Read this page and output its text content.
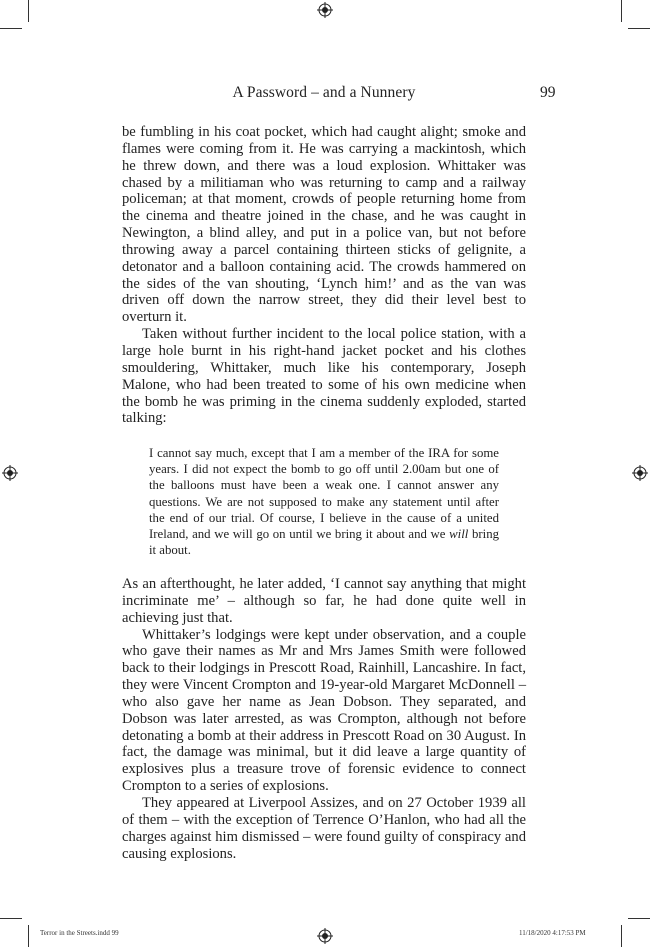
A Password – and a Nunnery	99

be fumbling in his coat pocket, which had caught alight; smoke and flames were coming from it. He was carrying a mackintosh, which he threw down, and there was a loud explosion. Whittaker was chased by a militiaman who was returning to camp and a railway policeman; at that moment, crowds of people returning home from the cinema and theatre joined in the chase, and he was caught in Newington, a blind alley, and put in a police van, but not before throwing away a parcel containing thirteen sticks of gelignite, a detonator and a balloon containing acid. The crowds hammered on the sides of the van shouting, ‘Lynch him!’ and as the van was driven off down the narrow street, they did their level best to overturn it.

Taken without further incident to the local police station, with a large hole burnt in his right-hand jacket pocket and his clothes smouldering, Whittaker, much like his contemporary, Joseph Malone, who had been treated to some of his own medicine when the bomb he was priming in the cinema suddenly exploded, started talking:

I cannot say much, except that I am a member of the IRA for some years. I did not expect the bomb to go off until 2.00am but one of the balloons must have been a weak one. I cannot answer any questions. We are not supposed to make any statement until after the end of our trial. Of course, I believe in the cause of a united Ireland, and we will go on until we bring it about and we will bring it about.

As an afterthought, he later added, ‘I cannot say anything that might incriminate me’ – although so far, he had done quite well in achieving just that.

Whittaker’s lodgings were kept under observation, and a couple who gave their names as Mr and Mrs James Smith were followed back to their lodgings in Prescott Road, Rainhill, Lancashire. In fact, they were Vincent Crompton and 19-year-old Margaret McDonnell – who also gave her name as Jean Dobson. They separated, and Dobson was later arrested, as was Crompton, although not before detonating a bomb at their address in Prescott Road on 30 August. In fact, the damage was minimal, but it did leave a large quantity of explosives plus a treasure trove of forensic evidence to connect Crompton to a series of explosions.

They appeared at Liverpool Assizes, and on 27 October 1939 all of them – with the exception of Terrence O’Hanlon, who had all the charges against him dismissed – were found guilty of conspiracy and causing explosions.

Terror in the Streets.indd 99	11/18/2020 4:17:53 PM
